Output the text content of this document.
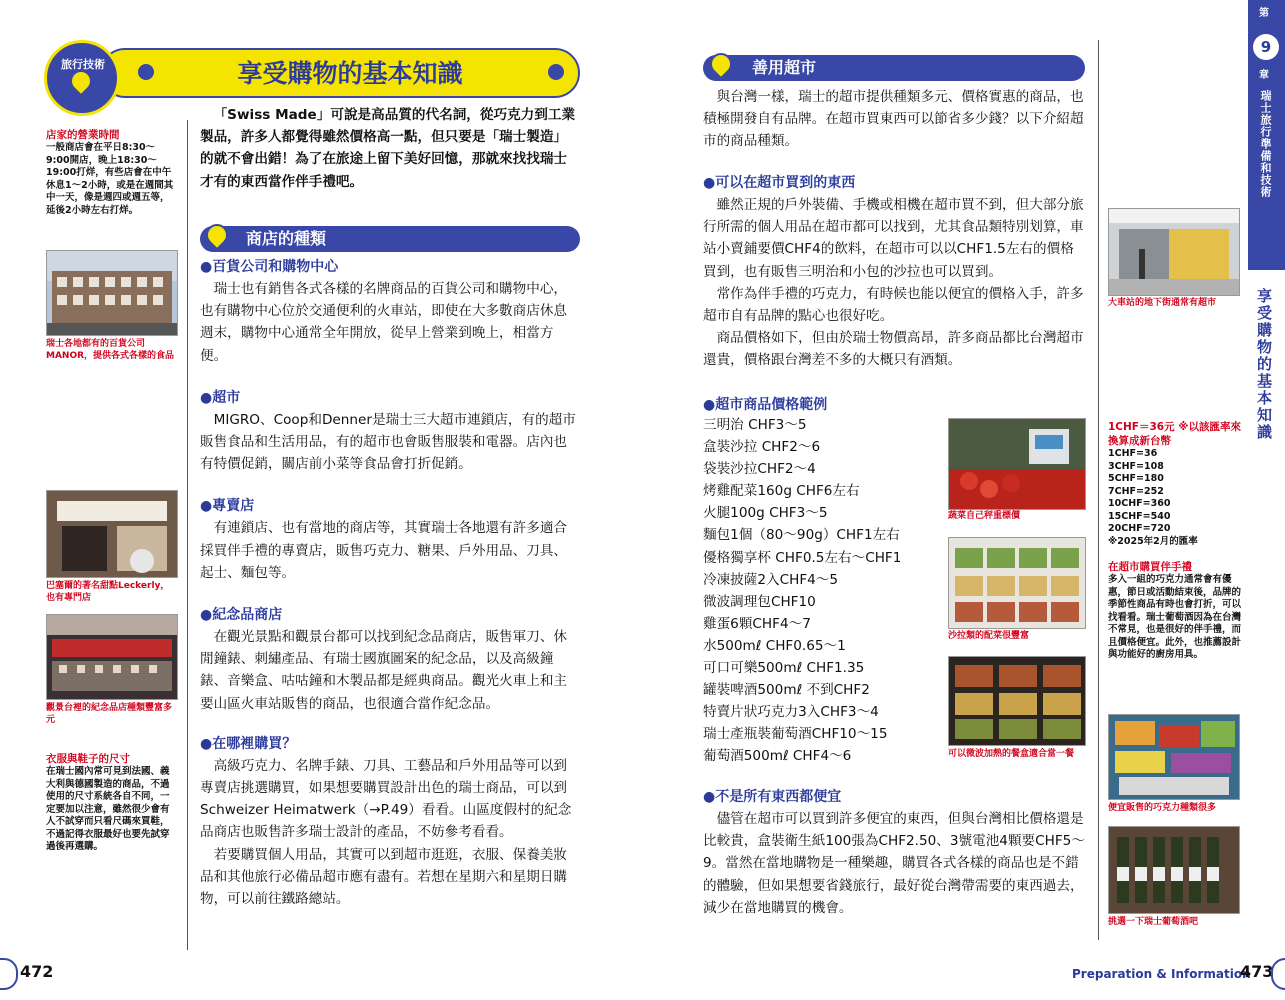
享受購物的基本知識
旅行技術

「Swiss Made」可說是高品質的代名詞，從巧克力到工業製品，許多人都覺得雖然價格高一點，但只要是「瑞士製造」的就不會出錯！為了在旅途上留下美好回憶，那就來找找瑞士才有的東西當作伴手禮吧。

店家的營業時間
一般商店會在平日8:30～9:00開店，晚上18:30～19:00打烊，有些店會在中午休息1～2小時，或是在週間其中一天，像是週四或週五等，延後2小時左右打烊。
瑞士各地都有的百貨公司MANOR，提供各式各樣的食品
巴塞爾的著名甜點Leckerly，也有專門店
觀景台裡的紀念品店種類豐富多元
衣服與鞋子的尺寸
在瑞士國內常可見到法國、義大利與德國製造的商品，不過使用的尺寸系統各自不同，一定要加以注意，雖然很少會有人不試穿而只看尺碼來買鞋，不過記得衣服最好也要先試穿過後再選購。
商店的種類
●百貨公司和購物中心

瑞士也有銷售各式各樣的名牌商品的百貨公司和購物中心，也有購物中心位於交通便利的火車站，即使在大多數商店休息週末，購物中心通常全年開放，從早上營業到晚上，相當方便。

●超市

MIGRO、Coop和Denner是瑞士三大超市連鎖店，有的超市販售食品和生活用品，有的超市也會販售服裝和電器。店內也有特價促銷，關店前小菜等食品會打折促銷。

●專賣店

有連鎖店、也有當地的商店等，其實瑞士各地還有許多適合採買伴手禮的專賣店，販售巧克力、糖果、戶外用品、刀具、起士、麵包等。

●紀念品商店

在觀光景點和觀景台都可以找到紀念品商店，販售軍刀、休閒鐘錶、刺繡產品、有瑞士國旗圖案的紀念品，以及高級鐘錶、音樂盒、咕咕鐘和木製品都是經典商品。觀光火車上和主要山區火車站販售的商品，也很適合當作紀念品。

●在哪裡購買？

高級巧克力、名牌手錶、刀具、工藝品和戶外用品等可以到專賣店挑選購買，如果想要購買設計出色的瑞士商品，可以到Schweizer Heimatwerk（→P.49）看看。山區度假村的紀念品商店也販售許多瑞士設計的產品，不妨參考看看。

若要購買個人用品，其實可以到超市逛逛，衣服、保養美妝品和其他旅行必備品超市應有盡有。若想在星期六和星期日購物，可以前往鐵路總站。

472
善用超市

與台灣一樣，瑞士的超市提供種類多元、價格實惠的商品，也積極開發自有品牌。在超市買東西可以節省多少錢？以下介紹超市的商品種類。

●可以在超市買到的東西

雖然正規的戶外裝備、手機或相機在超市買不到，但大部分旅行所需的個人用品在超市都可以找到，尤其食品類特別划算，車站小賣鋪要價CHF4的飲料，在超市可以以CHF1.5左右的價格買到，也有販售三明治和小包的沙拉也可以買到。

常作為伴手禮的巧克力，有時候也能以便宜的價格入手，許多超市自有品牌的點心也很好吃。

商品價格如下，但由於瑞士物價高昂，許多商品都比台灣超市還貴，價格跟台灣差不多的大概只有酒類。

●超市商品價格範例
三明治 CHF3～5
盒裝沙拉 CHF2～6
袋裝沙拉CHF2～4
烤雞配菜160g CHF6左右
火腿100g CHF3～5
麵包1個（80～90g）CHF1左右
優格獨享杯 CHF0.5左右～CHF1
冷凍披薩2入CHF4～5
微波調理包CHF10
雞蛋6顆CHF4～7
水500mℓ CHF0.65～1
可口可樂500mℓ CHF1.35
罐裝啤酒500mℓ 不到CHF2
特賣片狀巧克力3入CHF3～4
瑞士產瓶裝葡萄酒CHF10～15
葡萄酒500mℓ CHF4～6
蔬菜自己秤重標價
沙拉類的配菜很豐富
可以微波加熱的餐盒適合當一餐
●不是所有東西都便宜

儘管在超市可以買到許多便宜的東西，但與台灣相比價格還是比較貴，盒裝衛生紙100張為CHF2.50、3號電池4顆要CHF5～9。當然在當地購物是一種樂趣，購買各式各樣的商品也是不錯的體驗，但如果想要省錢旅行，最好從台灣帶需要的東西過去，減少在當地購買的機會。

大車站的地下街通常有超市
1CHF＝36元 ※以該匯率來換算成新台幣
1CHF=36
3CHF=108
5CHF=180
7CHF=252
10CHF=360
15CHF=540
20CHF=720
※2025年2月的匯率
在超市購買伴手禮
多入一組的巧克力通常會有優惠，節日或活動結束後，品牌的季節性商品有時也會打折，可以找看看。瑞士葡萄酒因為在台灣不常見，也是很好的伴手禮，而且價格便宜。此外，也推薦設計與功能好的廚房用具。
便宜販售的巧克力種類很多
挑選一下瑞士葡萄酒吧
第
9
章
瑞士旅行準備和技術
享受購物的基本知識
Preparation & Information
473
